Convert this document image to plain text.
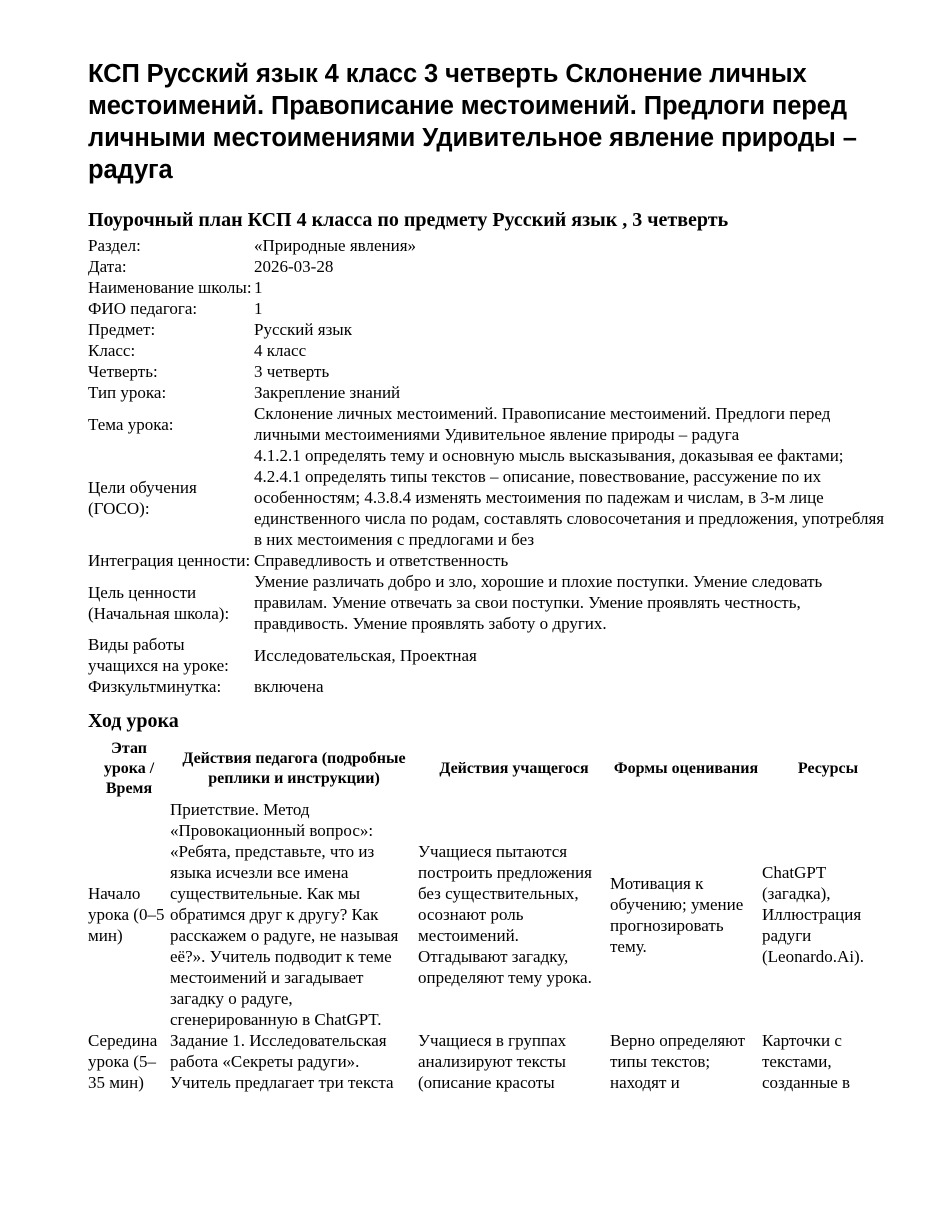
КСП Русский язык 4 класс 3 четверть Склонение личных местоимений. Правописание местоимений. Предлоги перед личными местоимениями Удивительное явление природы – радуга
Поурочный план КСП 4 класса по предмету Русский язык , 3 четверть
Раздел:	«Природные явления»
Дата:	2026-03-28
Наименование школы:	1
ФИО педагога:	1
Предмет:	Русский язык
Класс:	4 класс
Четверть:	3 четверть
Тип урока:	Закрепление знаний
Тема урока:	Склонение личных местоимений. Правописание местоимений. Предлоги перед личными местоимениями Удивительное явление природы – радуга
Цели обучения (ГОСО):	4.1.2.1 определять тему и основную мысль высказывания, доказывая ее фактами; 4.2.4.1 определять типы текстов – описание, повествование, рассужение по их особенностям; 4.3.8.4 изменять местоимения по падежам и числам, в 3-м лице единственного числа по родам, составлять словосочетания и предложения, употребляя в них местоимения с предлогами и без
Интеграция ценности:	Справедливость и ответственность
Цель ценности (Начальная школа):	Умение различать добро и зло, хорошие и плохие поступки. Умение следовать правилам. Умение отвечать за свои поступки. Умение проявлять честность, правдивость. Умение проявлять заботу о других.
Виды работы учащихся на уроке:	Исследовательская, Проектная
Физкультминутка:	включена
Ход урока
Этап урока / Время	Действия педагога (подробные реплики и инструкции)	Действия учащегося	Формы оценивания	Ресурсы
Начало урока (0–5 мин)	Приетствие. Метод «Провокационный вопрос»: «Ребята, представьте, что из языка исчезли все имена существительные. Как мы обратимся друг к другу? Как расскажем о радуге, не называя её?». Учитель подводит к теме местоимений и загадывает загадку о радуге, сгенерированную в ChatGPT.	Учащиеся пытаются построить предложения без существительных, осознают роль местоимений. Отгадывают загадку, определяют тему урока.	Мотивация к обучению; умение прогнозировать тему.	ChatGPT (загадка), Иллюстрация радуги (Leonardo.Ai).
Середина урока (5–35 мин)	Задание 1. Исследовательская работа «Секреты радуги». Учитель предлагает три текста	Учащиеся в группах анализируют тексты (описание красоты	Верно определяют типы текстов; находят и	Карточки с текстами, созданные в
